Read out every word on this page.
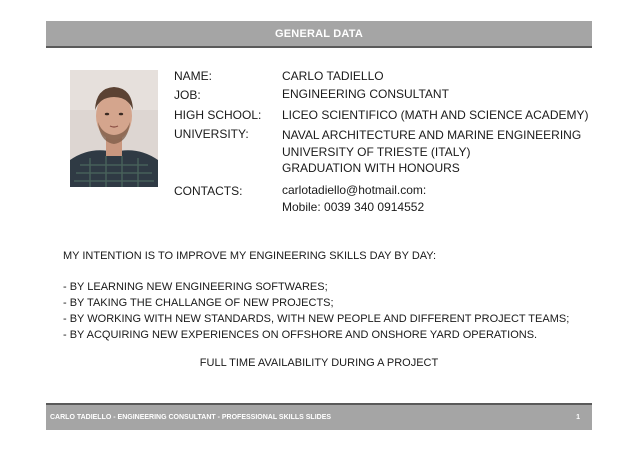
GENERAL DATA
NAME:	CARLO TADIELLO
JOB:	ENGINEERING CONSULTANT
HIGH SCHOOL: LICEO SCIENTIFICO (MATH AND SCIENCE ACADEMY)
UNIVERSITY:	NAVAL ARCHITECTURE AND MARINE ENGINEERING
UNIVERSITY OF TRIESTE (ITALY)
GRADUATION WITH HONOURS
CONTACTS:	carlotadiello@hotmail.com:
Mobile: 0039 340 0914552
MY INTENTION IS TO IMPROVE MY ENGINEERING SKILLS DAY BY DAY:
- BY LEARNING NEW ENGINEERING SOFTWARES;
- BY TAKING THE CHALLANGE OF NEW PROJECTS;
- BY WORKING WITH NEW STANDARDS, WITH NEW PEOPLE AND DIFFERENT PROJECT TEAMS;
- BY ACQUIRING NEW EXPERIENCES ON OFFSHORE AND ONSHORE YARD OPERATIONS.
FULL TIME AVAILABILITY DURING A PROJECT
CARLO TADIELLO - ENGINEERING CONSULTANT - PROFESSIONAL SKILLS SLIDES	1
